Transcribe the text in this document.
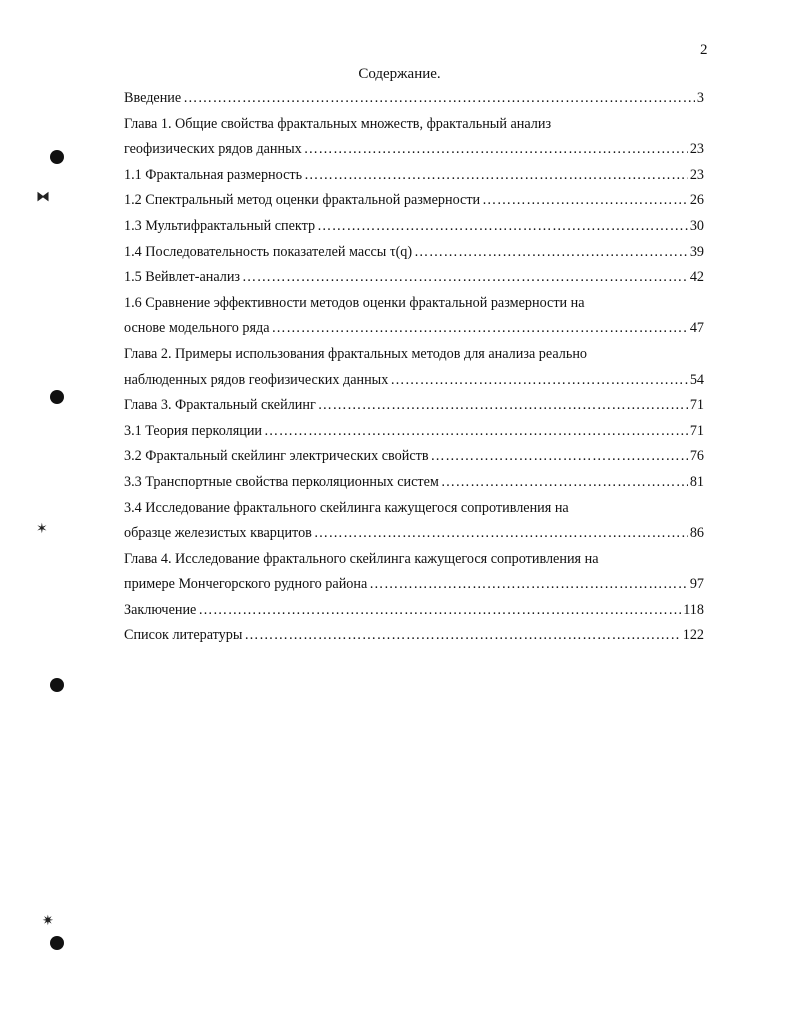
2
Содержание.
Введение ……………………………………………………………………………………………………………………………………………………………………………………………………………………	3
Глава 1. Общие свойства фрактальных множеств, фрактальный анализ
геофизических рядов данных ……………………………………………………………………………………………………………………………………………………………………………………………………………………	23
1.1 Фрактальная размерность ……………………………………………………………………………………………………………………………………………………………………………………………………………………	23
1.2 Спектральный метод оценки фрактальной размерности ……………………………………………………………………………………………………………………………………………………………………………………………………………………	26
1.3 Мультифрактальный спектр ……………………………………………………………………………………………………………………………………………………………………………………………………………………	30
1.4 Последовательность показателей массы τ(q) ……………………………………………………………………………………………………………………………………………………………………………………………………………………	39
1.5 Вейвлет-анализ ……………………………………………………………………………………………………………………………………………………………………………………………………………………	42
1.6 Сравнение эффективности методов оценки фрактальной размерности на
основе модельного ряда ……………………………………………………………………………………………………………………………………………………………………………………………………………………	47
Глава 2. Примеры использования фрактальных методов для анализа реально
наблюденных рядов геофизических данных ……………………………………………………………………………………………………………………………………………………………………………………………………………………	54
Глава 3. Фрактальный скейлинг ……………………………………………………………………………………………………………………………………………………………………………………………………………………	71
3.1 Теория перколяции ……………………………………………………………………………………………………………………………………………………………………………………………………………………	71
3.2 Фрактальный скейлинг электрических свойств ……………………………………………………………………………………………………………………………………………………………………………………………………………………	76
3.3 Транспортные свойства перколяционных систем ……………………………………………………………………………………………………………………………………………………………………………………………………………………	81
3.4 Исследование фрактального скейлинга кажущегося сопротивления на
образце железистых кварцитов ……………………………………………………………………………………………………………………………………………………………………………………………………………………	86
Глава 4. Исследование фрактального скейлинга кажущегося сопротивления на
примере Мончегорского рудного района ……………………………………………………………………………………………………………………………………………………………………………………………………………………	97
Заключение ……………………………………………………………………………………………………………………………………………………………………………………………………………………	118
Список литературы ……………………………………………………………………………………………………………………………………………………………………………………………………………………	122
⧓
✶
✷
